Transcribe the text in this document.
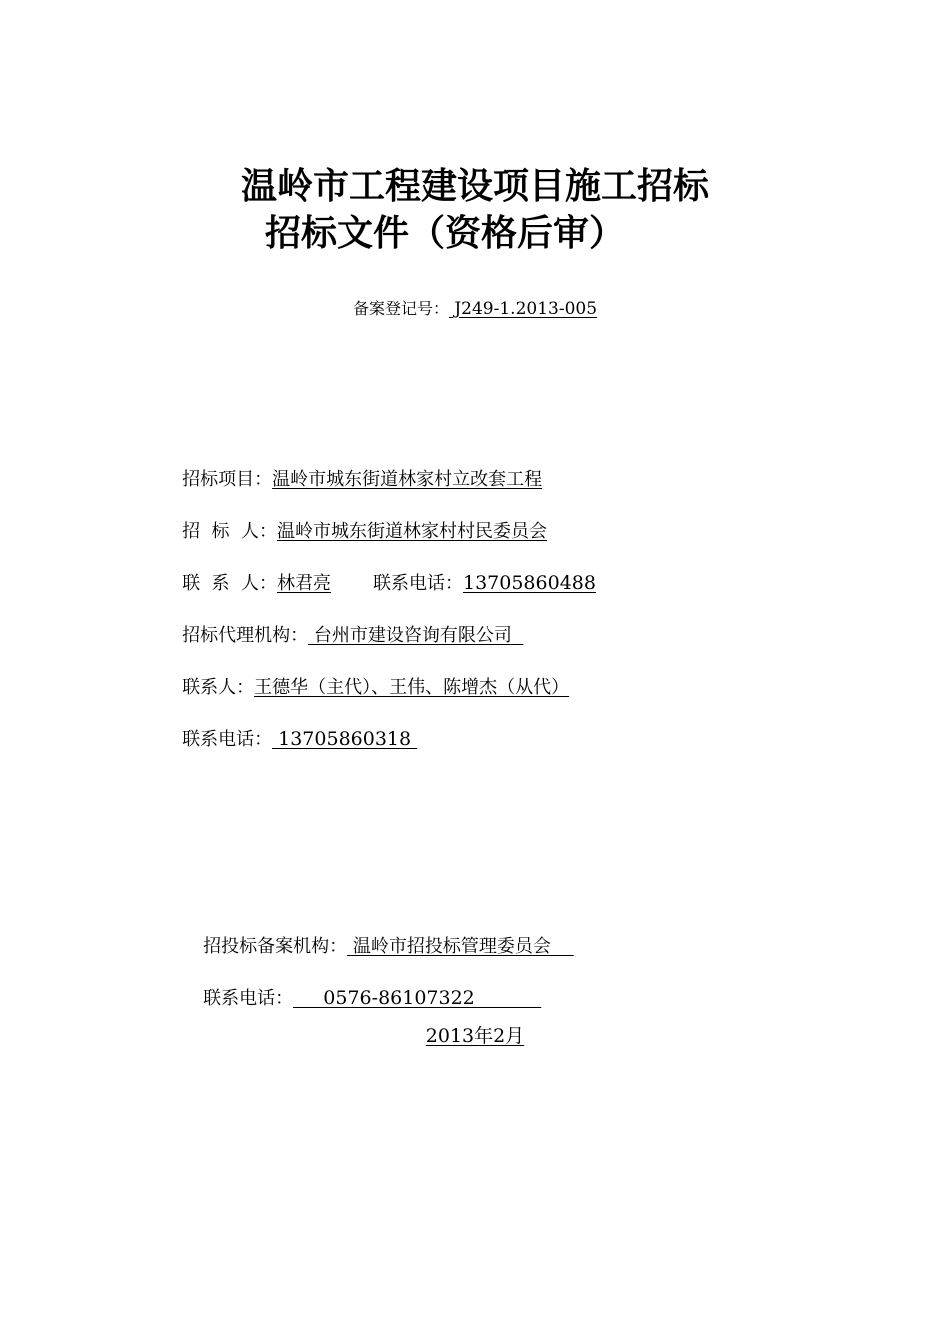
温岭市工程建设项目施工招标
招标文件（资格后审）
备案登记号： J249-1.2013-005

招标项目：温岭市城东街道林家村立改套工程

招  标  人：温岭市城东街道林家村村民委员会

联  系  人：林君亮 联系电话：13705860488

招标代理机构： 台州市建设咨询有限公司

联系人：王德华（主代）、王伟、陈增杰（从代）

联系电话： 13705860318

招投标备案机构： 温岭市招投标管理委员会

联系电话：     0576-86107322

2013年2月
